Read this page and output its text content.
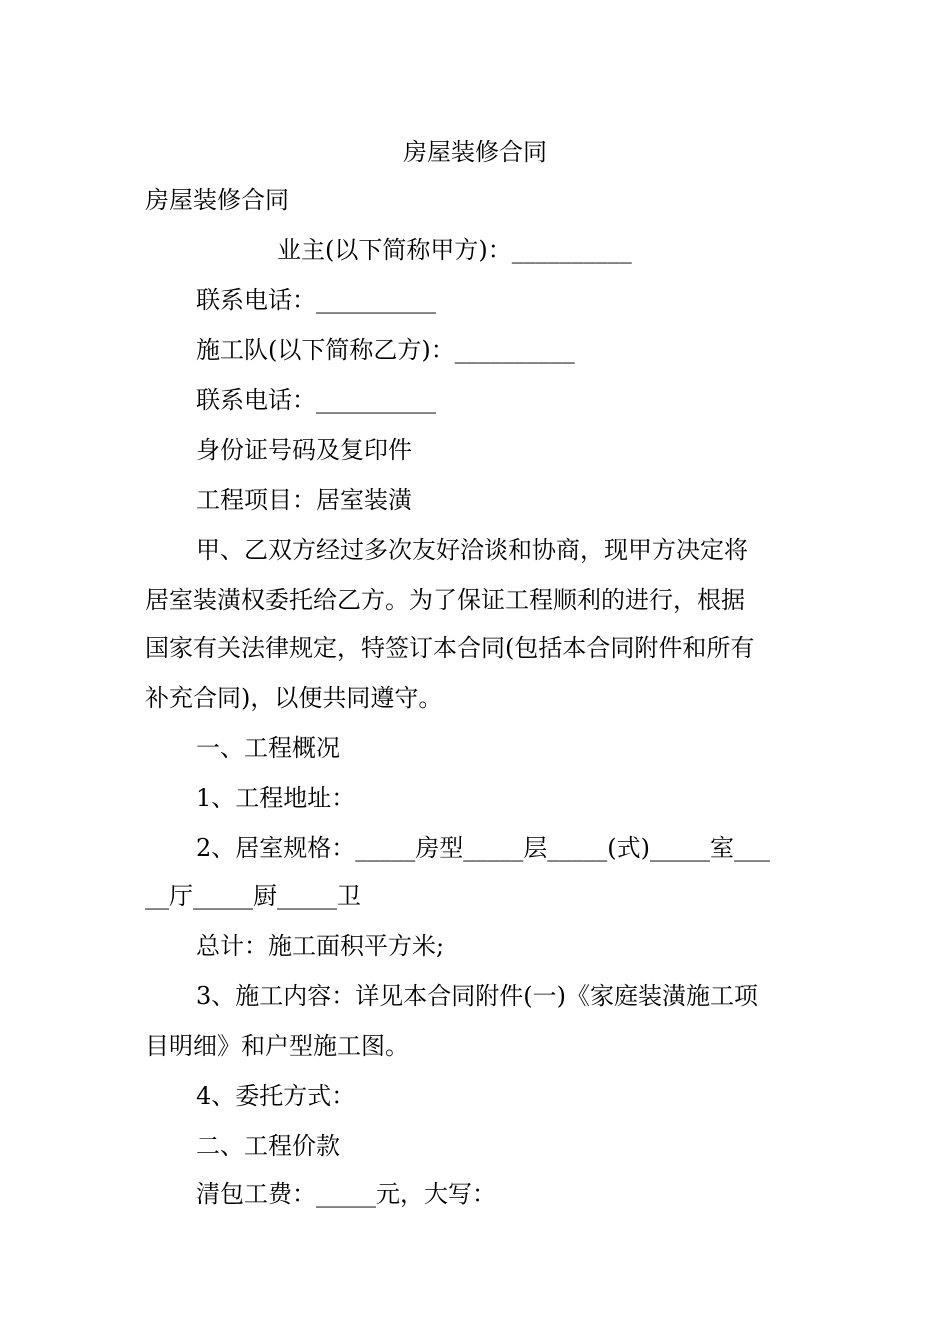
房屋装修合同
房屋装修合同
业主(以下简称甲方)：__________
联系电话：__________
施工队(以下简称乙方)：__________
联系电话：__________
身份证号码及复印件
工程项目：居室装潢
甲、乙双方经过多次友好洽谈和协商，现甲方决定将
居室装潢权委托给乙方。为了保证工程顺利的进行，根据
国家有关法律规定，特签订本合同(包括本合同附件和所有
补充合同)，以便共同遵守。
一、工程概况
1、工程地址：
2、居室规格：_____房型_____层_____(式)_____室___
__厅_____厨_____卫
总计：施工面积平方米;
3、施工内容：详见本合同附件(一)《家庭装潢施工项
目明细》和户型施工图。
4、委托方式：
二、工程价款
清包工费：_____元，大写：
